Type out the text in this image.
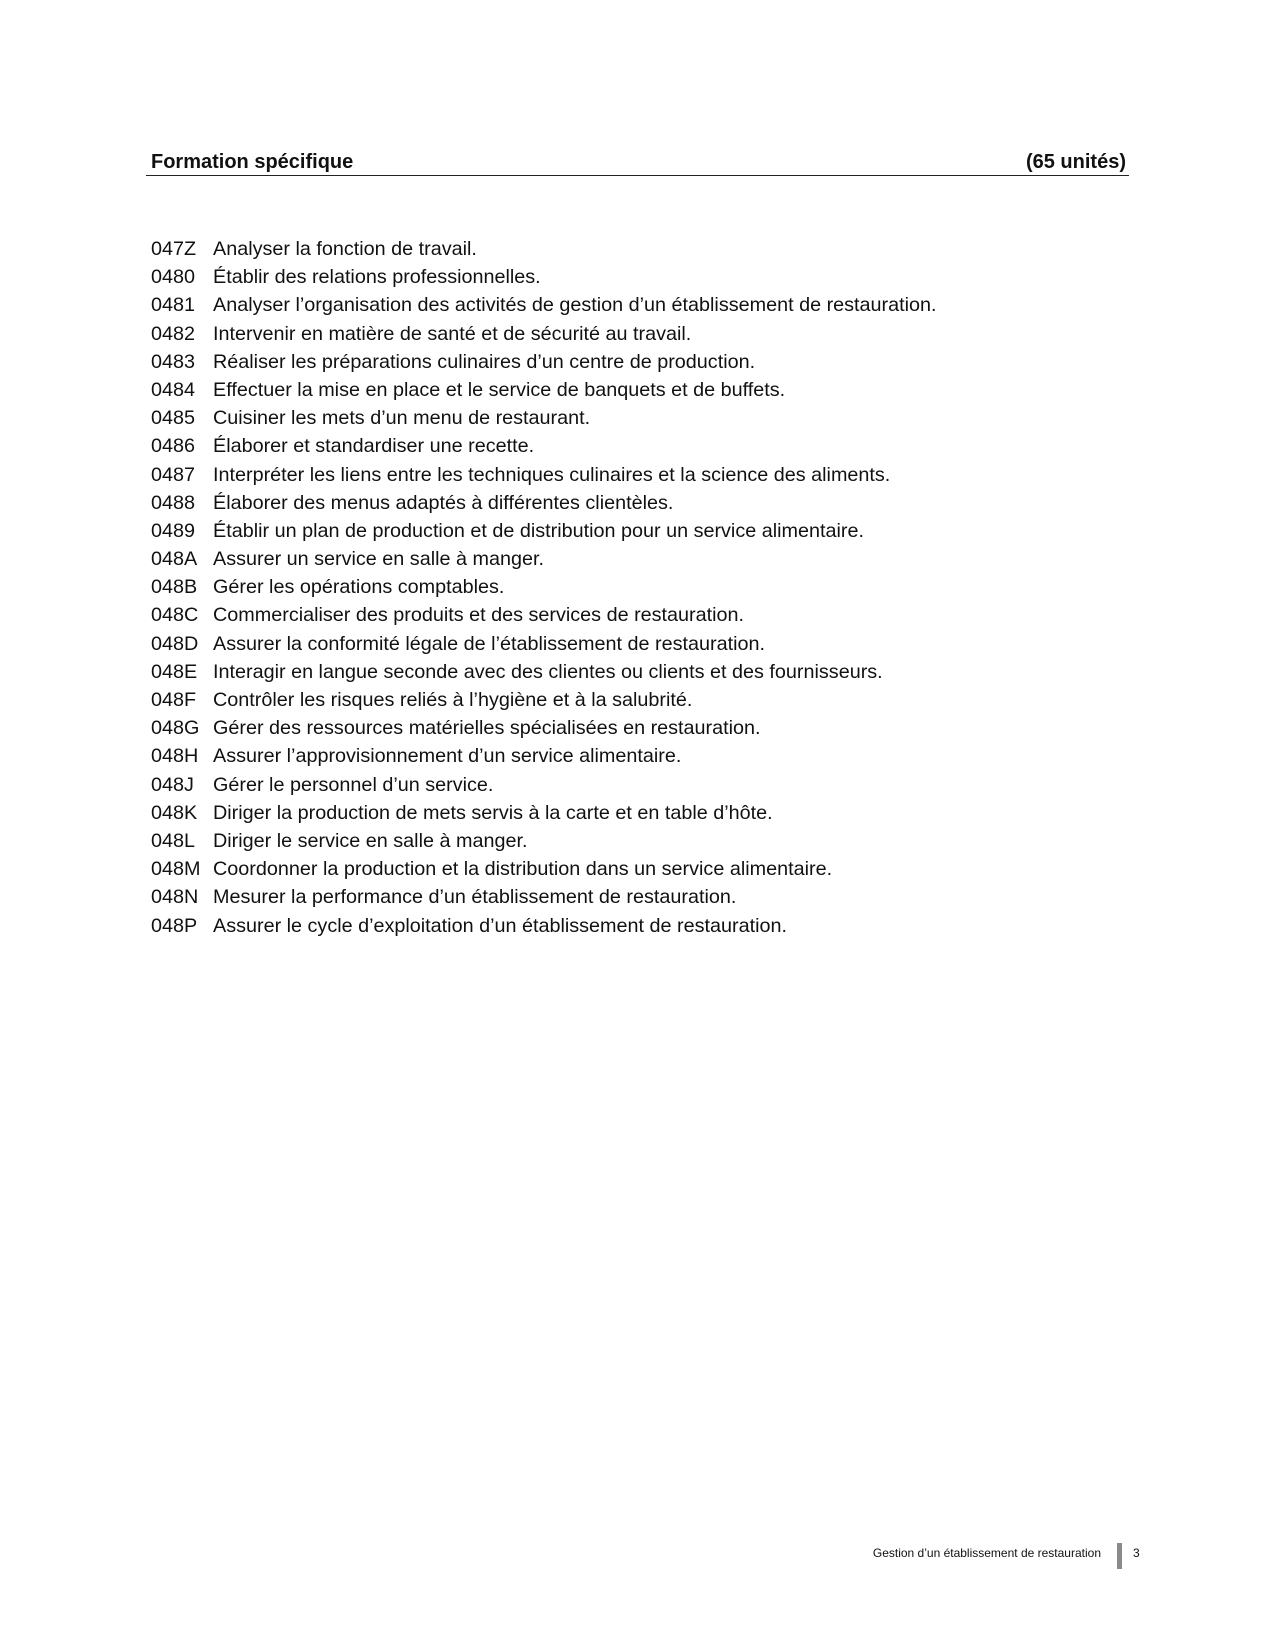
Formation spécifique	(65 unités)
047Z Analyser la fonction de travail.
0480 Établir des relations professionnelles.
0481 Analyser l’organisation des activités de gestion d’un établissement de restauration.
0482 Intervenir en matière de santé et de sécurité au travail.
0483 Réaliser les préparations culinaires d’un centre de production.
0484 Effectuer la mise en place et le service de banquets et de buffets.
0485 Cuisiner les mets d’un menu de restaurant.
0486 Élaborer et standardiser une recette.
0487 Interpréter les liens entre les techniques culinaires et la science des aliments.
0488 Élaborer des menus adaptés à différentes clientèles.
0489 Établir un plan de production et de distribution pour un service alimentaire.
048A Assurer un service en salle à manger.
048B Gérer les opérations comptables.
048C Commercialiser des produits et des services de restauration.
048D Assurer la conformité légale de l’établissement de restauration.
048E Interagir en langue seconde avec des clientes ou clients et des fournisseurs.
048F Contrôler les risques reliés à l’hygiène et à la salubrité.
048G Gérer des ressources matérielles spécialisées en restauration.
048H Assurer l’approvisionnement d’un service alimentaire.
048J Gérer le personnel d’un service.
048K Diriger la production de mets servis à la carte et en table d’hôte.
048L Diriger le service en salle à manger.
048M Coordonner la production et la distribution dans un service alimentaire.
048N Mesurer la performance d’un établissement de restauration.
048P Assurer le cycle d’exploitation d’un établissement de restauration.
Gestion d’un établissement de restauration	3
